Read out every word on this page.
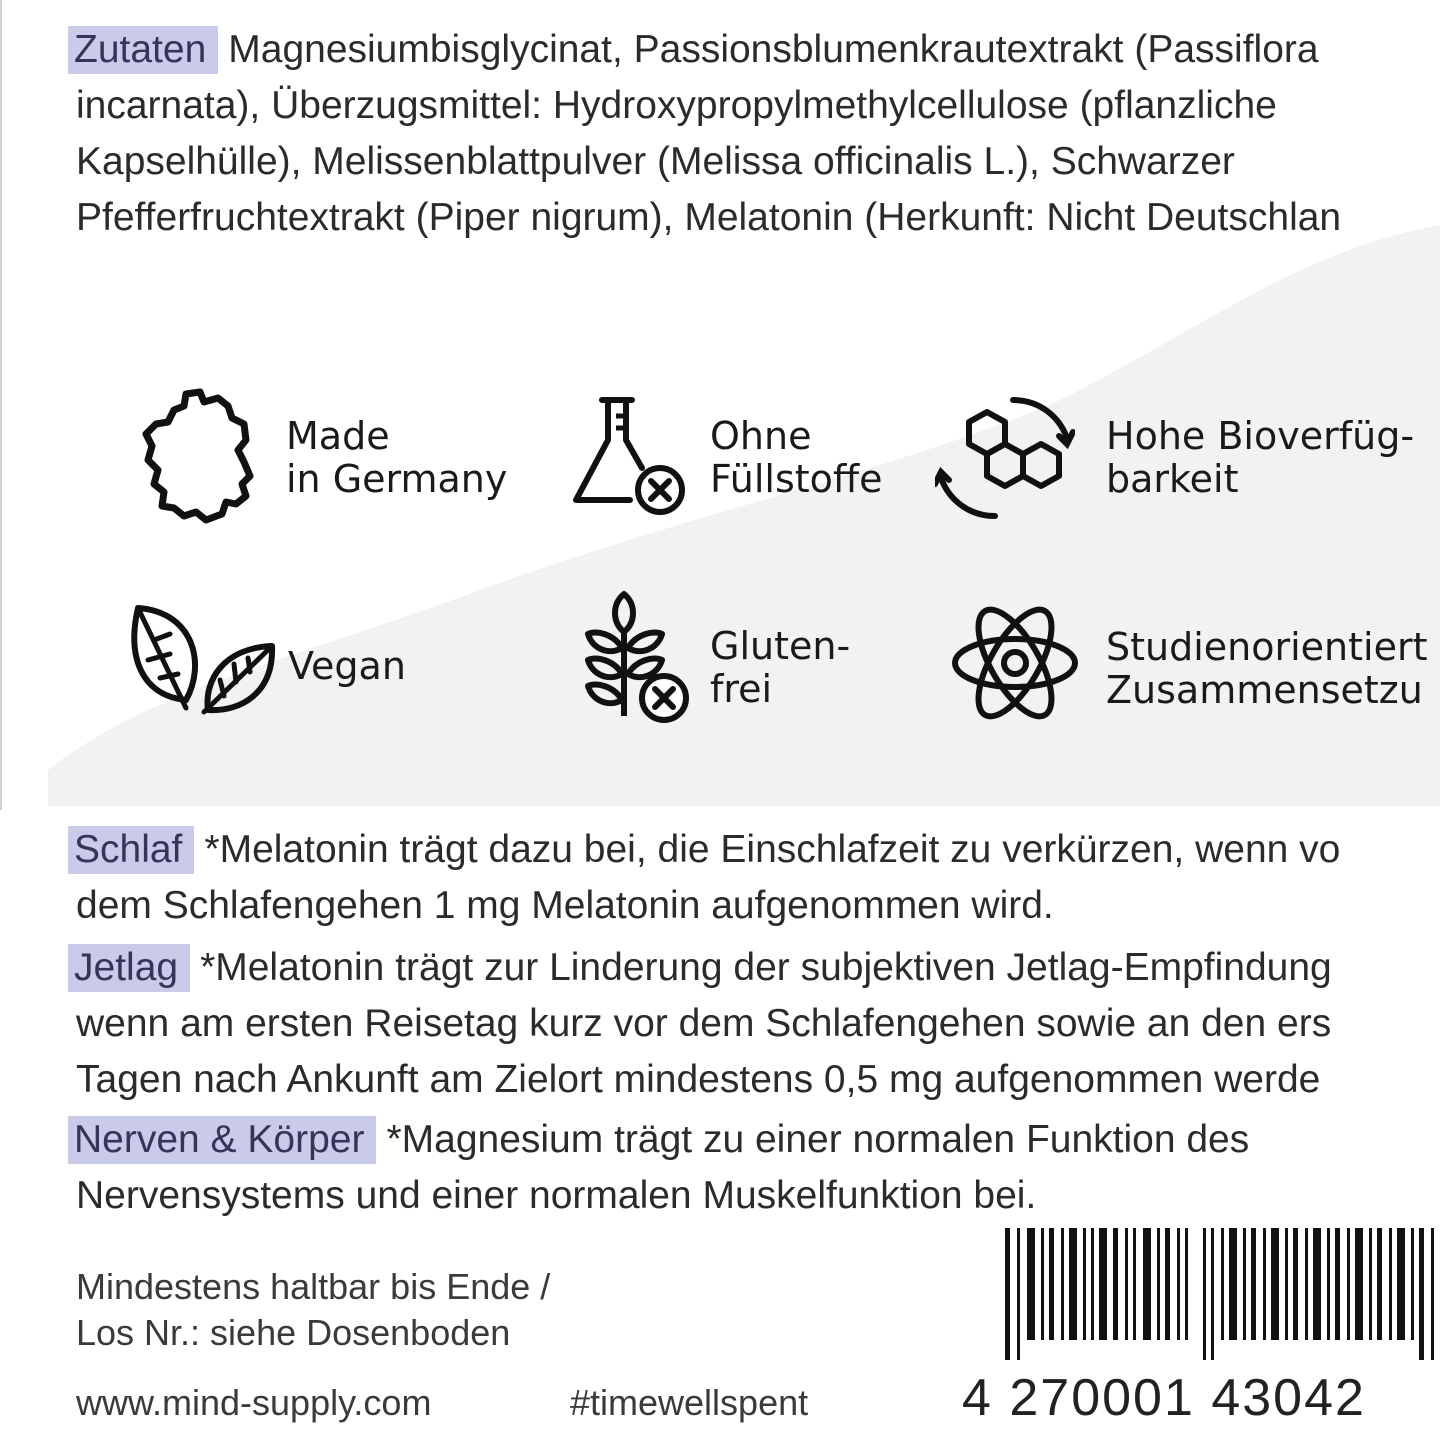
Zutaten Magnesiumbisglycinat, Passionsblumenkrautextrakt (Passiflora
incarnata), Überzugsmittel: Hydroxypropylmethylcellulose (pflanzliche
Kapselhülle), Melissenblattpulver (Melissa officinalis L.), Schwarzer
Pfefferfruchtextrakt (Piper nigrum), Melatonin (Herkunft: Nicht Deutschlan
Made
in Germany
Ohne
Füllstoffe
Hohe Bioverfüg-
barkeit
Vegan	Gluten-
frei
Studienorientiert
Zusammensetzu
Schlaf *Melatonin trägt dazu bei, die Einschlafzeit zu verkürzen, wenn vo
dem Schlafengehen 1 mg Melatonin aufgenommen wird.
Jetlag *Melatonin trägt zur Linderung der subjektiven Jetlag-Empfindung
wenn am ersten Reisetag kurz vor dem Schlafengehen sowie an den ers
Tagen nach Ankunft am Zielort mindestens 0,5 mg aufgenommen werde
Nerven & Körper *Magnesium trägt zu einer normalen Funktion des
Nervensystems und einer normalen Muskelfunktion bei.
Mindestens haltbar bis Ende /
Los Nr.: siehe Dosenboden
www.mind-supply.com	#timewellspent	4 270001 43042
